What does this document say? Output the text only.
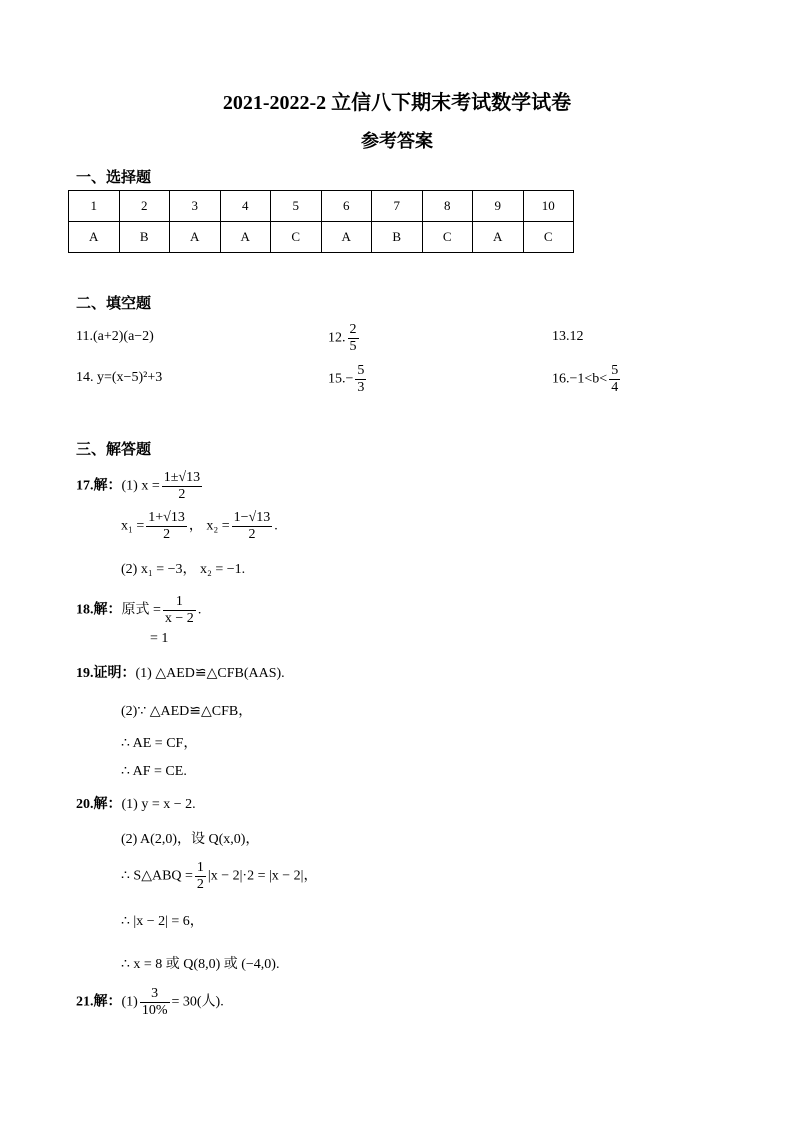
2021-2022-2 立信八下期末考试数学试卷
参考答案
一、选择题
1	2	3	4	5	6	7	8	9	10
A	B	A	A	C	A	B	C	A	C
二、填空题
11.(a+2)(a−2)	12. $\frac{2}{5}$	13.12
14. y=(x−5)²+3	$15.- \frac{5}{3}$	$16.-1<b< \frac{5}{4}$
三、解答题
17.解：(1) $x = \frac{1\pm√13}{2}$
$x_1 = \frac{1+√13}{2}$ ， $x_2 = \frac{1-√13}{2}$ .
(2) x₁ = −3， x₂ = −1.
18.解：原式 = $\frac{1}{x - 2}$ .
= 1
19.证明：(1) △AED≌△CFB(AAS).
(2)∵ △AED≌△CFB，
∴ AE = CF，
∴ AF = CE.
20.解：(1) y = x − 2.
(2) A(2,0)，设 Q(x,0)，
∴ S△ABQ = $\frac{1}{2} |x - 2|\cdot 2 = |x - 2|$，
∴ |x − 2| = 6，
∴ x = 8 或 Q(8,0) 或 (−4,0).
21.解：$(1) \frac{3}{10\%} = 30$(人).
